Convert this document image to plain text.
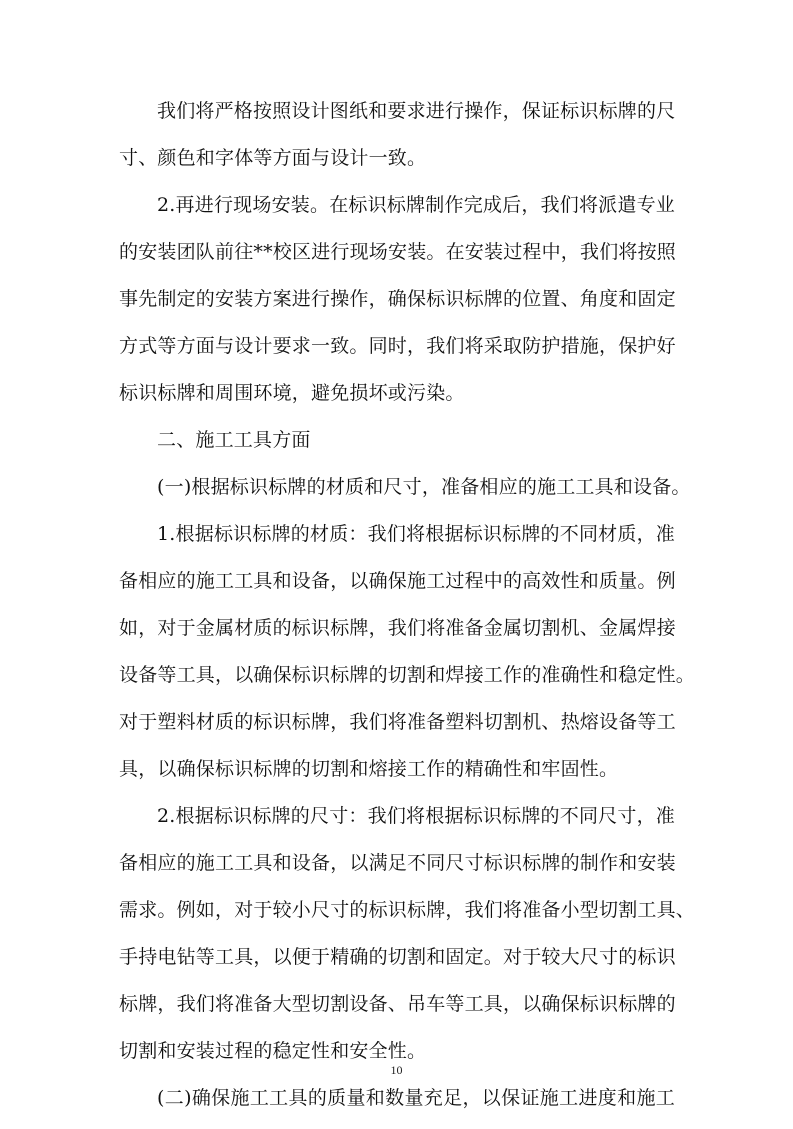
我们将严格按照设计图纸和要求进行操作，保证标识标牌的尺
寸、颜色和字体等方面与设计一致。
2.再进行现场安装。在标识标牌制作完成后，我们将派遣专业
的安装团队前往**校区进行现场安装。在安装过程中，我们将按照
事先制定的安装方案进行操作，确保标识标牌的位置、角度和固定
方式等方面与设计要求一致。同时，我们将采取防护措施，保护好
标识标牌和周围环境，避免损坏或污染。
二、施工工具方面
(一)根据标识标牌的材质和尺寸，准备相应的施工工具和设备。
1.根据标识标牌的材质：我们将根据标识标牌的不同材质，准
备相应的施工工具和设备，以确保施工过程中的高效性和质量。例
如，对于金属材质的标识标牌，我们将准备金属切割机、金属焊接
设备等工具，以确保标识标牌的切割和焊接工作的准确性和稳定性。
对于塑料材质的标识标牌，我们将准备塑料切割机、热熔设备等工
具，以确保标识标牌的切割和熔接工作的精确性和牢固性。
2.根据标识标牌的尺寸：我们将根据标识标牌的不同尺寸，准
备相应的施工工具和设备，以满足不同尺寸标识标牌的制作和安装
需求。例如，对于较小尺寸的标识标牌，我们将准备小型切割工具、
手持电钻等工具，以便于精确的切割和固定。对于较大尺寸的标识
标牌，我们将准备大型切割设备、吊车等工具，以确保标识标牌的
切割和安装过程的稳定性和安全性。
(二)确保施工工具的质量和数量充足，以保证施工进度和施工
10
